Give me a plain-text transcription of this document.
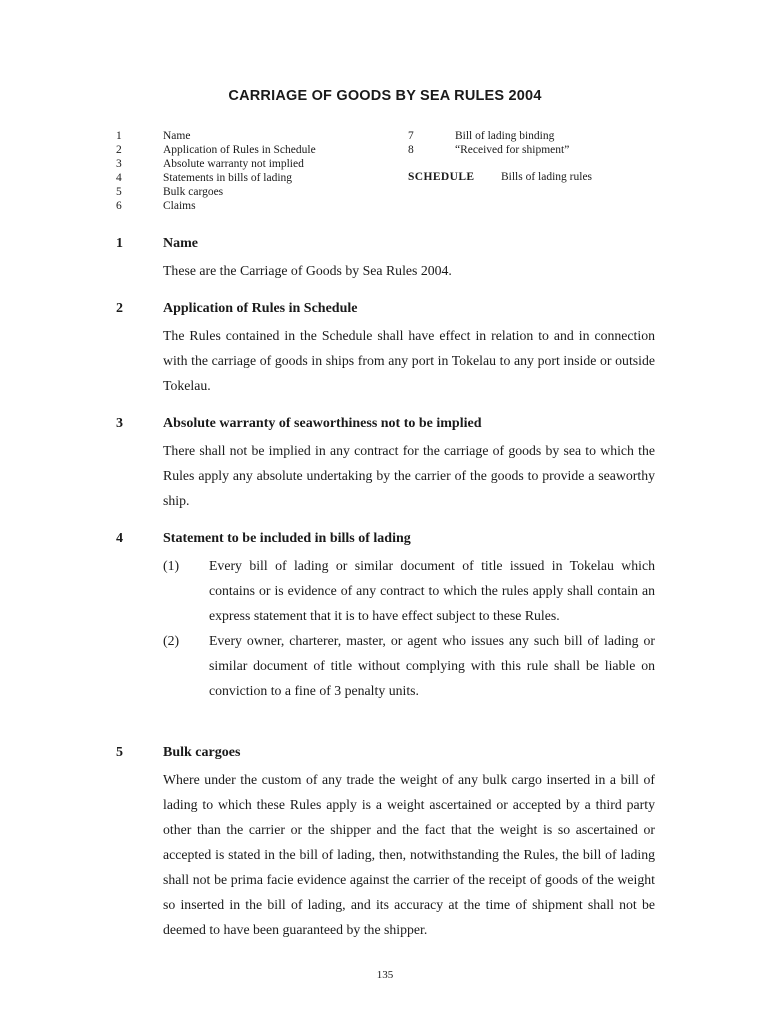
CARRIAGE OF GOODS BY SEA RULES 2004
1	Name
2	Application of Rules in Schedule
3	Absolute warranty not implied
4	Statements in bills of lading
5	Bulk cargoes
6	Claims
7	Bill of lading binding
8	“Received for shipment”
SCHEDULE Bills of lading rules
1	Name
These are the Carriage of Goods by Sea Rules 2004.
2	Application of Rules in Schedule
The Rules contained in the Schedule shall have effect in relation to and in connection with the carriage of goods in ships from any port in Tokelau to any port inside or outside Tokelau.
3	Absolute warranty of seaworthiness not to be implied
There shall not be implied in any contract for the carriage of goods by sea to which the Rules apply any absolute undertaking by the carrier of the goods to provide a seaworthy ship.
4	Statement to be included in bills of lading
(1) Every bill of lading or similar document of title issued in Tokelau which contains or is evidence of any contract to which the rules apply shall contain an express statement that it is to have effect subject to these Rules.
(2) Every owner, charterer, master, or agent who issues any such bill of lading or similar document of title without complying with this rule shall be liable on conviction to a fine of 3 penalty units.
5	Bulk cargoes
Where under the custom of any trade the weight of any bulk cargo inserted in a bill of lading to which these Rules apply is a weight ascertained or accepted by a third party other than the carrier or the shipper and the fact that the weight is so ascertained or accepted is stated in the bill of lading, then, notwithstanding the Rules, the bill of lading shall not be prima facie evidence against the carrier of the receipt of goods of the weight so inserted in the bill of lading, and its accuracy at the time of shipment shall not be deemed to have been guaranteed by the shipper.
135
